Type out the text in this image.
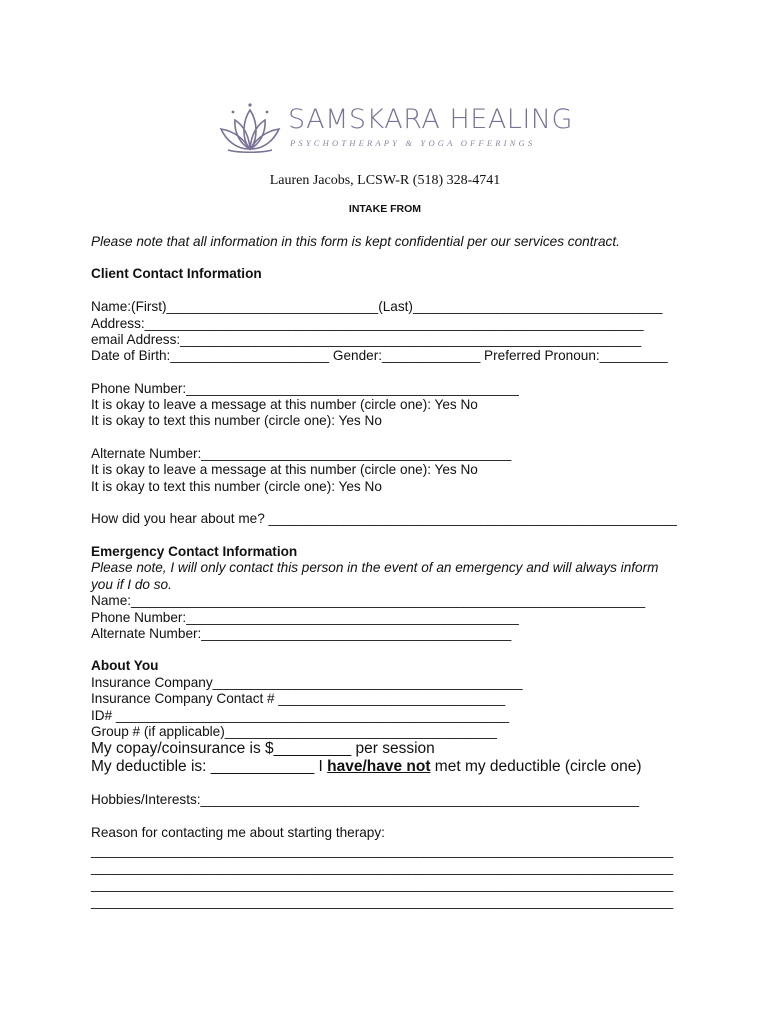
SAMSKARA HEALING
PSYCHOTHERAPY & YOGA OFFERINGS
Lauren Jacobs, LCSW-R (518) 328-4741
INTAKE FROM
Please note that all information in this form is kept confidential per our services contract.
Client Contact Information
Name:(First)____________________________(Last)_________________________________
Address:__________________________________________________________________
email Address:_____________________________________________________________
Date of Birth:_____________________ Gender:_____________ Preferred Pronoun:_________
Phone Number:____________________________________________
It is okay to leave a message at this number (circle one): Yes No
It is okay to text this number (circle one): Yes No
Alternate Number:_________________________________________
It is okay to leave a message at this number (circle one): Yes No
It is okay to text this number (circle one): Yes No
How did you hear about me? ______________________________________________________
Emergency Contact Information
Please note, I will only contact this person in the event of an emergency and will always inform
you if I do so.
Name:____________________________________________________________________
Phone Number:____________________________________________
Alternate Number:_________________________________________
About You
Insurance Company_________________________________________
Insurance Company Contact # ______________________________
ID# ____________________________________________________
Group # (if applicable)____________________________________
My copay/coinsurance is $_________ per session
My deductible is: ____________ I have/have not met my deductible (circle one)
Hobbies/Interests:__________________________________________________________
Reason for contacting me about starting therapy:
_____________________________________________________________________________
_____________________________________________________________________________
_____________________________________________________________________________
_____________________________________________________________________________
